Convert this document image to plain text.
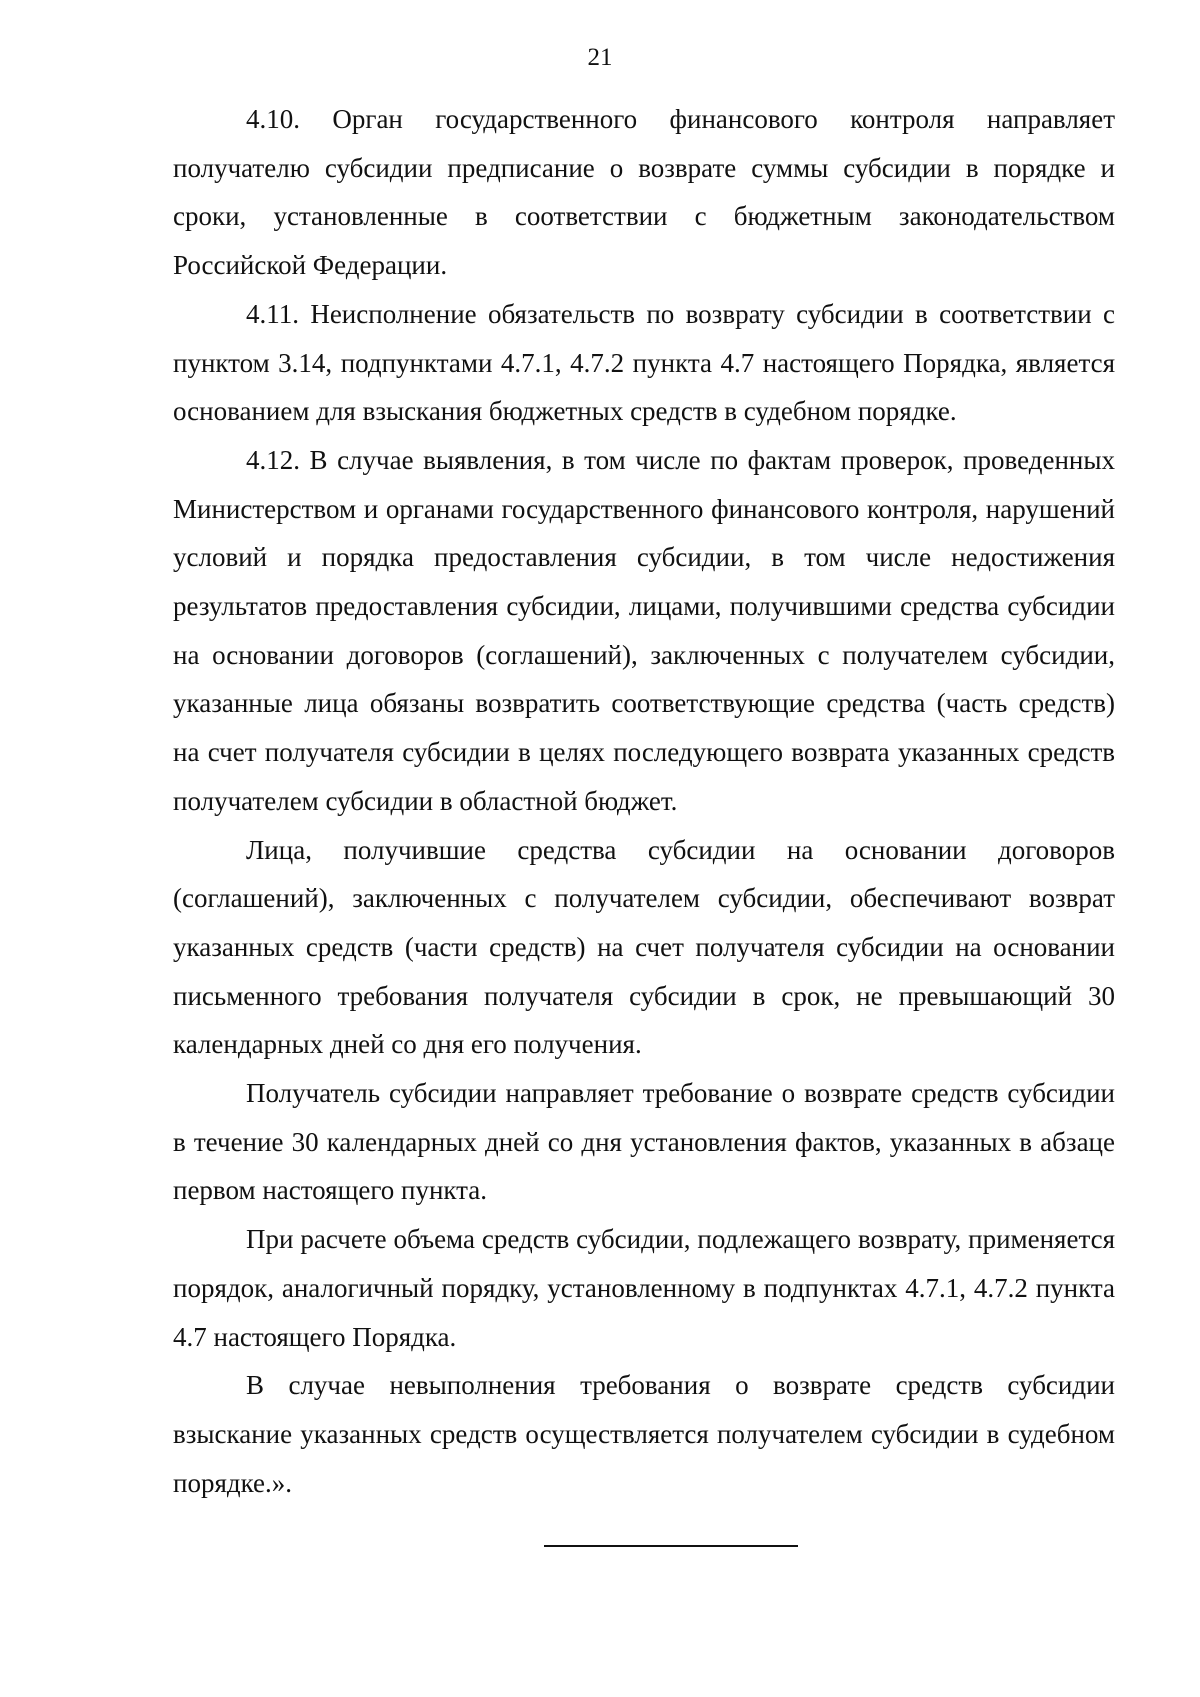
21

4.10. Орган государственного финансового контроля направляет получателю субсидии предписание о возврате суммы субсидии в порядке и сроки, установленные в соответствии с бюджетным законодательством Российской Федерации.

4.11. Неисполнение обязательств по возврату субсидии в соответствии с пунктом 3.14, подпунктами 4.7.1, 4.7.2 пункта 4.7 настоящего Порядка, является основанием для взыскания бюджетных средств в судебном порядке.

4.12. В случае выявления, в том числе по фактам проверок, проведенных Министерством и органами государственного финансового контроля, нарушений условий и порядка предоставления субсидии, в том числе недостижения результатов предоставления субсидии, лицами, получившими средства субсидии на основании договоров (соглашений), заключенных с получателем субсидии, указанные лица обязаны возвратить соответствующие средства (часть средств) на счет получателя субсидии в целях последующего возврата указанных средств получателем субсидии в областной бюджет.

Лица, получившие средства субсидии на основании договоров (соглашений), заключенных с получателем субсидии, обеспечивают возврат указанных средств (части средств) на счет получателя субсидии на основании письменного требования получателя субсидии в срок, не превышающий 30 календарных дней со дня его получения.

Получатель субсидии направляет требование о возврате средств субсидии в течение 30 календарных дней со дня установления фактов, указанных в абзаце первом настоящего пункта.

При расчете объема средств субсидии, подлежащего возврату, применяется порядок, аналогичный порядку, установленному в подпунктах 4.7.1, 4.7.2 пункта 4.7 настоящего Порядка.

В случае невыполнения требования о возврате средств субсидии взыскание указанных средств осуществляется получателем субсидии в судебном порядке.».
